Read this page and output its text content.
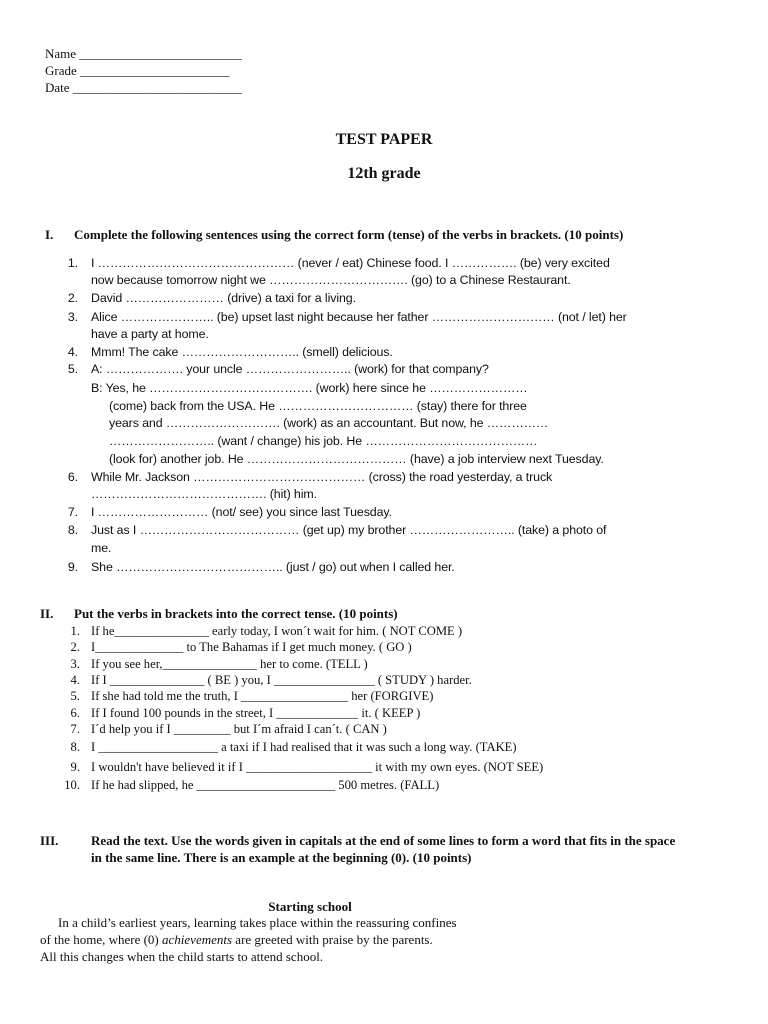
Name _________________________
Grade _______________________
Date __________________________
TEST PAPER
12th grade
I. Complete the following sentences using the correct form (tense) of the verbs in brackets. (10 points)
1. I ………………………………………… (never / eat) Chinese food. I ……………. (be) very excited
now because tomorrow night we ……………………………. (go) to a Chinese Restaurant.
2. David …………………… (drive) a taxi for a living.
3. Alice ………………….. (be) upset last night because her father ………………………… (not / let) her
have a party at home.
4. Mmm! The cake ……………………….. (smell) delicious.
5. A: ………………. your uncle …………………….. (work) for that company?
B: Yes, he …………………………………. (work) here since he ……………………
(come) back from the USA. He …………………………… (stay) there for three
years and ………………………. (work) as an accountant. But now, he ……………
…………………….. (want / change) his job. He ……………………………………
(look for) another job. He ………………………………… (have) a job interview next Tuesday.
6. While Mr. Jackson …………………………………… (cross) the road yesterday, a truck
……………………………………. (hit) him.
7. I ……………………… (not/ see) you since last Tuesday.
8. Just as I ………………………………… (get up) my brother …………………….. (take) a photo of
me.
9. She ………………………………….. (just / go) out when I called her.
II. Put the verbs in brackets into the correct tense. (10 points)
1. If he_______________ early today, I won´t wait for him. ( NOT COME )
2. I______________ to The Bahamas if I get much money. ( GO )
3. If you see her,_______________ her to come. (TELL )
4. If I _______________ ( BE ) you, I ________________ ( STUDY ) harder.
5. If she had told me the truth, I _________________ her (FORGIVE)
6. If I found 100 pounds in the street, I _____________ it. ( KEEP )
7. I´d help you if I _________ but I´m afraid I can´t. ( CAN )
8. I ___________________ a taxi if I had realised that it was such a long way. (TAKE)
9. I wouldn't have believed it if I ____________________ it with my own eyes. (NOT SEE)
10. If he had slipped, he ______________________ 500 metres. (FALL)
III.	Read the text. Use the words given in capitals at the end of some lines to form a word that fits in the space
in the same line. There is an example at the beginning (0). (10 points)
Starting school
In a child’s earliest years, learning takes place within the reassuring confines
of the home, where (0) achievements are greeted with praise by the parents.
All this changes when the child starts to attend school.
